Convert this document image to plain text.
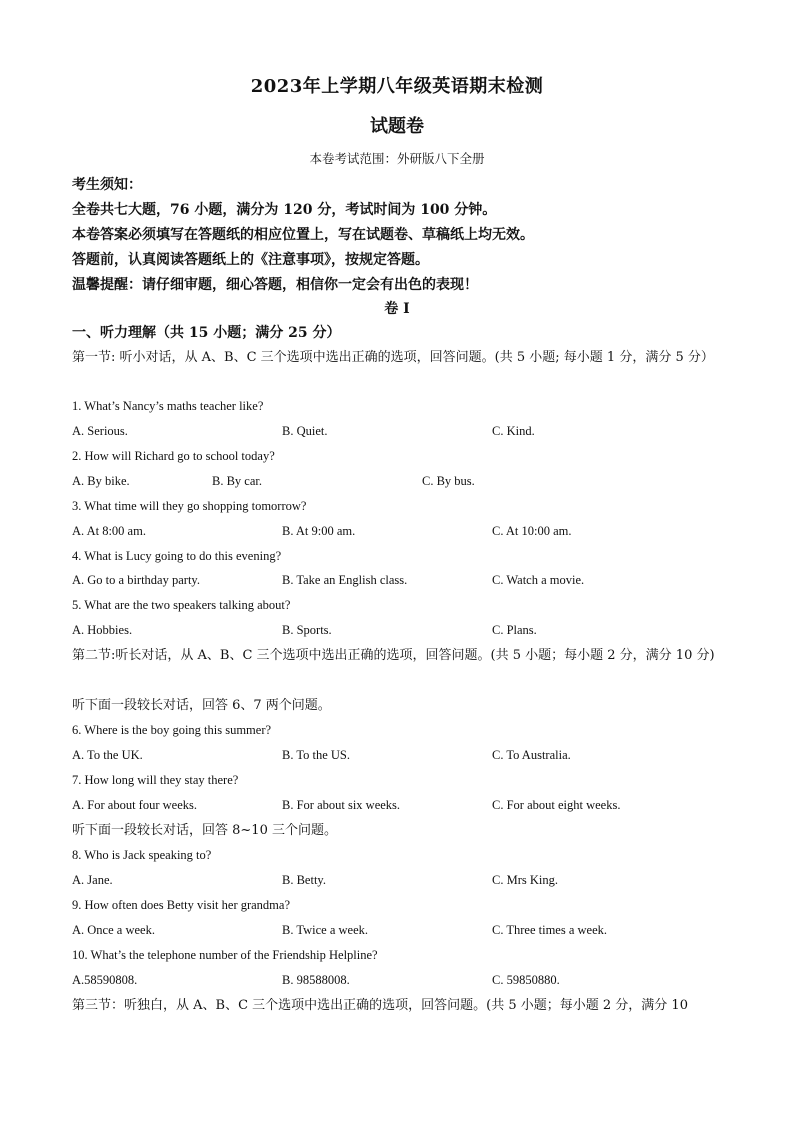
2023年上学期八年级英语期末检测
试题卷
本卷考试范围：外研版八下全册
考生须知：
全卷共七大题，76 小题，满分为 120 分，考试时间为 100 分钟。
本卷答案必须填写在答题纸的相应位置上，写在试题卷、草稿纸上均无效。
答题前，认真阅读答题纸上的《注意事项》，按规定答题。
温馨提醒：请仔细审题，细心答题，相信你一定会有出色的表现！
卷 I
一、听力理解（共 15 小题；满分 25 分）
第一节: 听小对话，从 A、B、C 三个选项中选出正确的选项，回答问题。(共 5 小题; 每小题 1 分，满分 5 分）
1. What’s Nancy’s maths teacher like?
A. Serious.	B. Quiet.	C. Kind.
2. How will Richard go to school today?
A. By bike.	B. By car.	C. By bus.
3. What time will they go shopping tomorrow?
A. At 8:00 am.	B. At 9:00 am.	C. At 10:00 am.
4. What is Lucy going to do this evening?
A. Go to a birthday party.	B. Take an English class.	C. Watch a movie.
5. What are the two speakers talking about?
A. Hobbies.	B. Sports.	C. Plans.
第二节:听长对话，从 A、B、C 三个选项中选出正确的选项，回答问题。(共 5 小题；每小题 2 分，满分 10 分)
听下面一段较长对话，回答 6、7 两个问题。
6. Where is the boy going this summer?
A. To the UK.	B. To the US.	C. To Australia.
7. How long will they stay there?
A. For about four weeks.	B. For about six weeks.	C. For about eight weeks.
听下面一段较长对话，回答 8~10 三个问题。
8. Who is Jack speaking to?
A. Jane.	B. Betty.	C. Mrs King.
9. How often does Betty visit her grandma?
A. Once a week.	B. Twice a week.	C. Three times a week.
10. What’s the telephone number of the Friendship Helpline?
A.58590808.	B. 98588008.	C. 59850880.
第三节：听独白，从 A、B、C 三个选项中选出正确的选项，回答问题。(共 5 小题；每小题 2 分，满分 10
